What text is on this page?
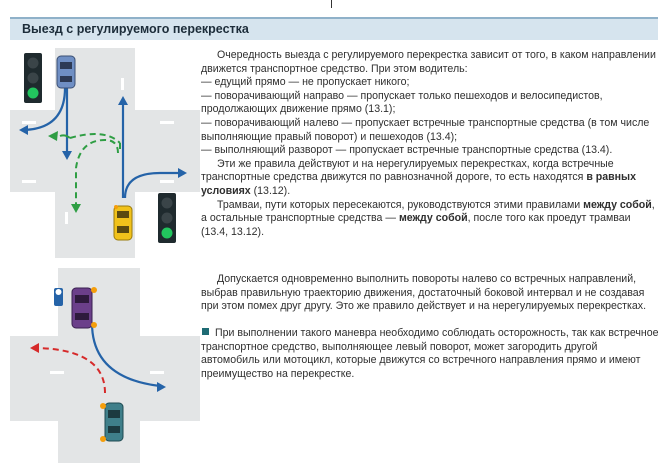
Выезд с регулируемого перекрестка

Очередность выезда с регулируемого перекрестка зависит от того, в каком направлении движется транспортное средство. При этом водитель:

— едущий прямо — не пропускает никого;

— поворачивающий направо — пропускает только пешеходов и велосипедистов, продолжающих движение прямо (13.1);

— поворачивающий налево — пропускает встречные транспортные средства (в том числе выполняющие правый поворот) и пешеходов (13.4);

— выполняющий разворот — пропускает встречные транспортные средства (13.4).

Эти же правила действуют и на нерегулируемых перекрестках, когда встречные транспортные средства движутся по равнозначной дороге, то есть находятся в равных условиях (13.12).

Трамваи, пути которых пересекаются, руководствуются этими правилами между собой, а остальные транспортные средства — между собой, после того как проедут трамваи (13.4, 13.12).

Допускается одновременно выполнить повороты налево со встречных направлений, выбрав правильную траекторию движения, достаточный боковой интервал и не создавая при этом помех друг другу. Это же правило действует и на нерегулируемых перекрестках.

При выполнении такого маневра необходимо соблюдать осторожность, так как встречное транспортное средство, выполняющее левый поворот, может загородить другой автомобиль или мотоцикл, которые движутся со встречного направления прямо и имеют преимущество на перекрестке.
